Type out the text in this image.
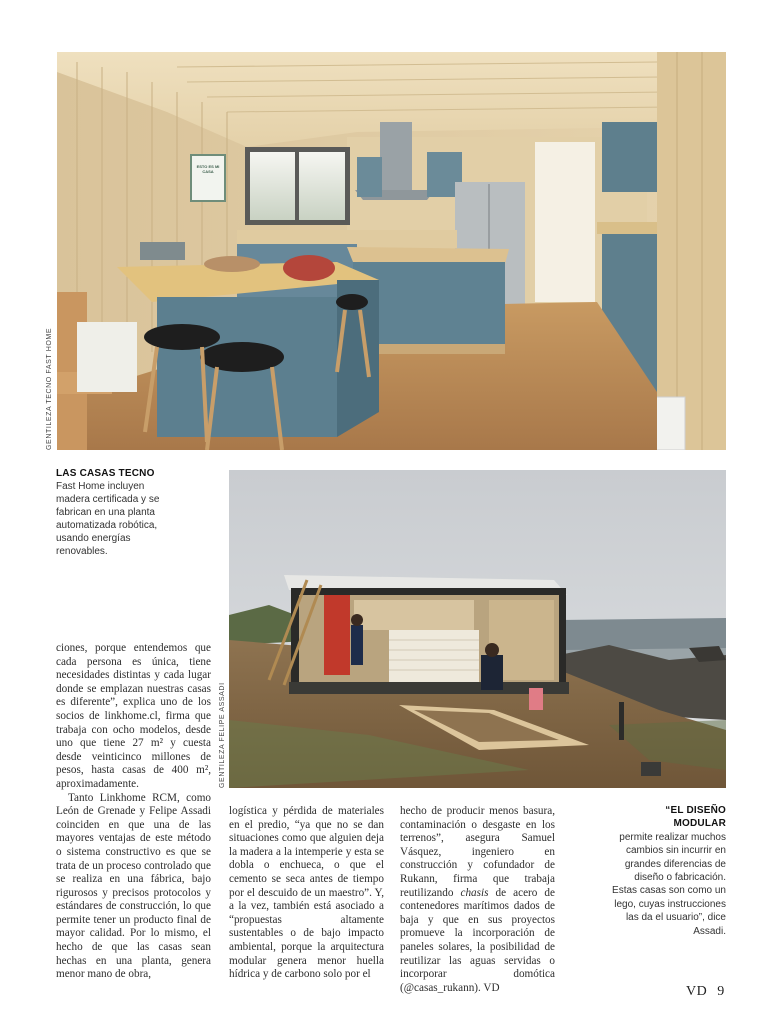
ESTO ES MI CASA
GENTILEZA TECNO FAST HOME
LAS CASAS TECNO
Fast Home incluyen madera certificada y se fabrican en una planta automatizada robótica, usando energías renovables.
GENTILEZA FELIPE ASSADI

ciones, porque entendemos que cada persona es única, tiene necesidades distintas y cada lugar donde se emplazan nuestras casas es diferente”, explica uno de los socios de linkhome.cl, firma que trabaja con ocho modelos, desde uno que tiene 27 m² y cuesta desde veinticinco millones de pesos, hasta casas de 400 m², aproximadamente.

Tanto Linkhome RCM, como León de Grenade y Felipe Assadi coinciden en que una de las mayores ventajas de este método o sistema constructivo es que se trata de un proceso controlado que se realiza en una fábrica, bajo rigurosos y precisos protocolos y estándares de construcción, lo que permite tener un producto final de mayor calidad. Por lo mismo, el hecho de que las casas sean hechas en una planta, genera menor mano de obra,

logística y pérdida de materiales en el predio, “ya que no se dan situaciones como que alguien deja la madera a la intemperie y esta se dobla o enchueca, o que el cemento se seca antes de tiempo por el descuido de un maestro”. Y, a la vez, también está asociado a “propuestas altamente sustentables o de bajo impacto ambiental, porque la arquitectura modular genera menor huella hídrica y de carbono solo por el

hecho de producir menos basura, contaminación o desgaste en los terrenos”, asegura Samuel Vásquez, ingeniero en construcción y cofundador de Rukann, firma que trabaja reutilizando chasis de acero de contenedores marítimos dados de baja y que en sus proyectos promueve la incorporación de paneles solares, la posibilidad de reutilizar las aguas servidas o incorporar domótica (@casas_rukann). VD

“EL DISEÑO MODULAR
permite realizar muchos cambios sin incurrir en grandes diferencias de diseño o fabricación. Estas casas son como un lego, cuyas instrucciones las da el usuario”, dice Assadi.
VD 9
